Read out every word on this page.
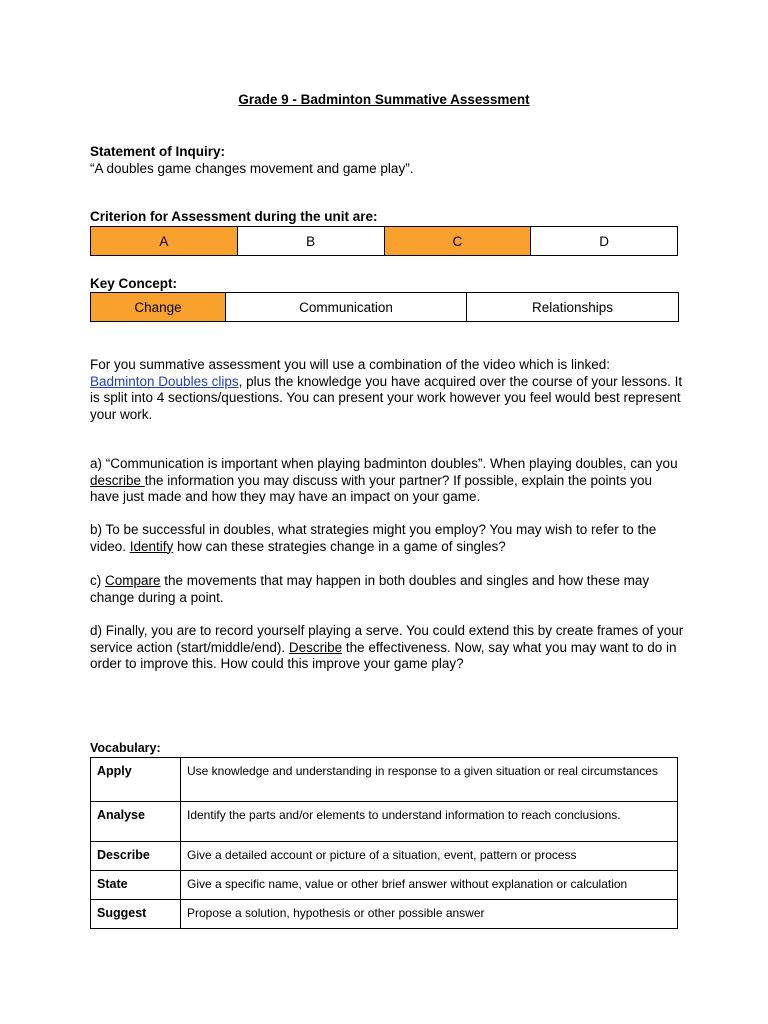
Grade 9 - Badminton Summative Assessment
Statement of Inquiry:
“A doubles game changes movement and game play”.
Criterion for Assessment during the unit are:
A	B	C	D
Key Concept:
Change	Communication	Relationships

For you summative assessment you will use a combination of the video which is linked:
Badminton Doubles clips, plus the knowledge you have acquired over the course of your lessons. It is split into 4 sections/questions. You can present your work however you feel would best represent your work.

a) “Communication is important when playing badminton doubles”. When playing doubles, can you describe the information you may discuss with your partner? If possible, explain the points you have just made and how they may have an impact on your game.

b) To be successful in doubles, what strategies might you employ? You may wish to refer to the video. Identify how can these strategies change in a game of singles?

c) Compare the movements that may happen in both doubles and singles and how these may change during a point.

d) Finally, you are to record yourself playing a serve. You could extend this by create frames of your service action (start/middle/end). Describe the effectiveness. Now, say what you may want to do in order to improve this. How could this improve your game play?

Vocabulary:
Apply	Use knowledge and understanding in response to a given situation or real circumstances
Analyse	Identify the parts and/or elements to understand information to reach conclusions.
Describe	Give a detailed account or picture of a situation, event, pattern or process
State	Give a specific name, value or other brief answer without explanation or calculation
Suggest	Propose a solution, hypothesis or other possible answer
